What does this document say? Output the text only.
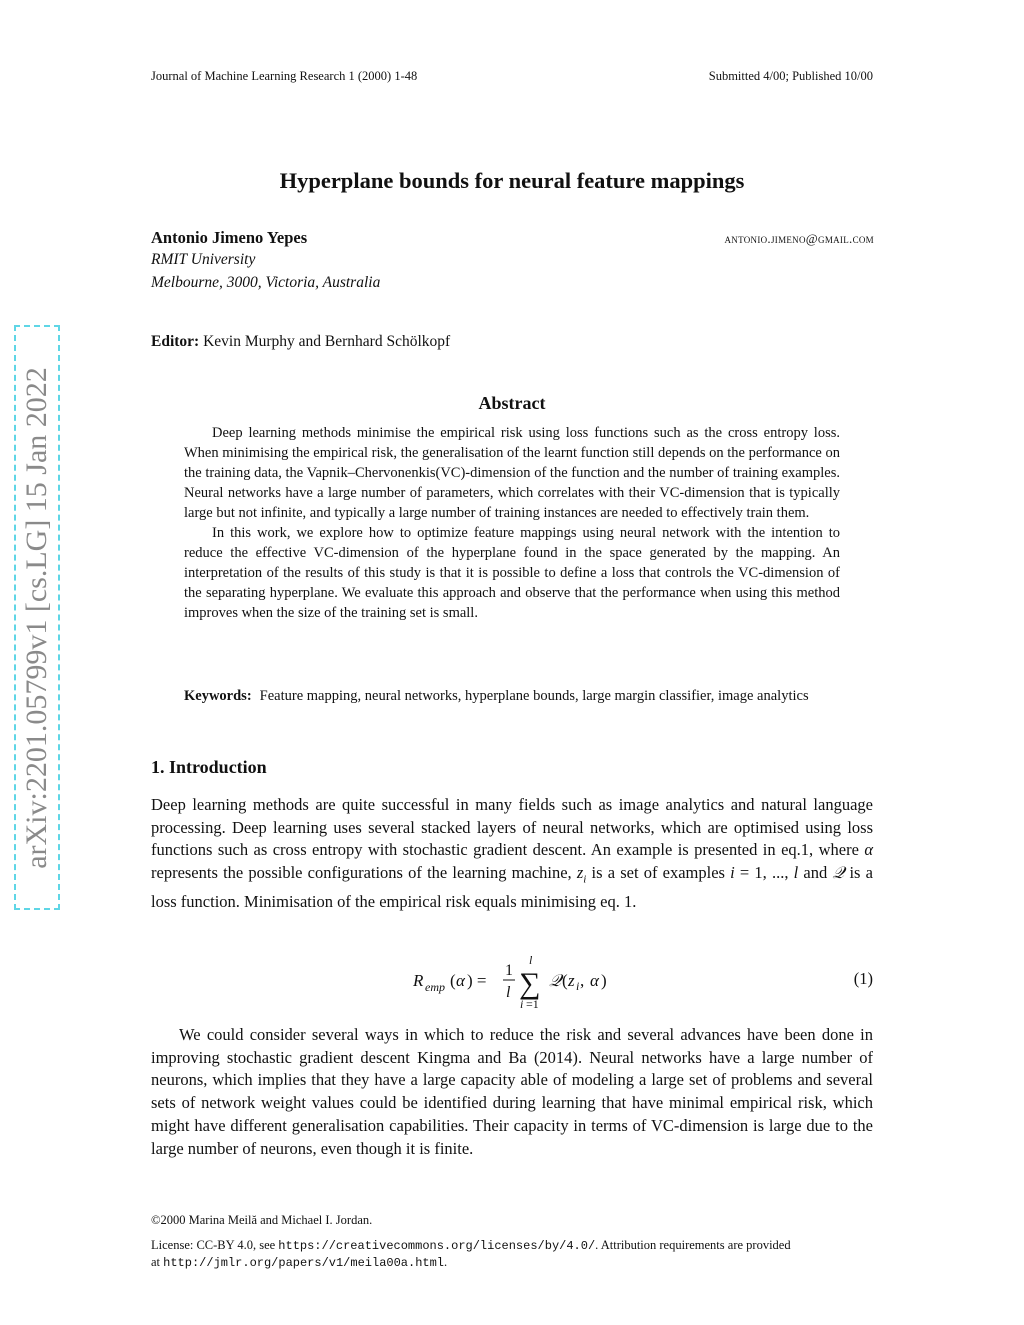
Journal of Machine Learning Research 1 (2000) 1-48	Submitted 4/00; Published 10/00
arXiv:2201.05799v1 [cs.LG] 15 Jan 2022
Hyperplane bounds for neural feature mappings
Antonio Jimeno Yepes	antonio.jimeno@gmail.com
RMIT University
Melbourne, 3000, Victoria, Australia
Editor: Kevin Murphy and Bernhard Schölkopf
Abstract

Deep learning methods minimise the empirical risk using loss functions such as the cross entropy loss. When minimising the empirical risk, the generalisation of the learnt function still depends on the performance on the training data, the Vapnik–Chervonenkis(VC)-dimension of the function and the number of training examples. Neural networks have a large number of parameters, which correlates with their VC-dimension that is typically large but not infinite, and typically a large number of training instances are needed to effectively train them.

In this work, we explore how to optimize feature mappings using neural network with the intention to reduce the effective VC-dimension of the hyperplane found in the space generated by the mapping. An interpretation of the results of this study is that it is possible to define a loss that controls the VC-dimension of the separating hyperplane. We evaluate this approach and observe that the performance when using this method improves when the size of the training set is small.

Keywords: Feature mapping, neural networks, hyperplane bounds, large margin classifier, image analytics
1. Introduction

Deep learning methods are quite successful in many fields such as image analytics and natural language processing. Deep learning uses several stacked layers of neural networks, which are optimised using loss functions such as cross entropy with stochastic gradient descent. An example is presented in eq.1, where α represents the possible configurations of the learning machine, $z_i$ is a set of examples i = 1, ..., l and 𝒬 is a loss function. Minimisation of the empirical risk equals minimising eq. 1.

R emp ( α ) =
1
l
l
∑
i =1
𝒬 ( z i , α )	(1)

We could consider several ways in which to reduce the risk and several advances have been done in improving stochastic gradient descent Kingma and Ba (2014). Neural networks have a large number of neurons, which implies that they have a large capacity able of modeling a large set of problems and several sets of network weight values could be identified during learning that have minimal empirical risk, which might have different generalisation capabilities. Their capacity in terms of VC-dimension is large due to the large number of neurons, even though it is finite.

©2000 Marina Meilă and Michael I. Jordan.
License: CC-BY 4.0, see https://creativecommons.org/licenses/by/4.0/. Attribution requirements are provided
at http://jmlr.org/papers/v1/meila00a.html.
